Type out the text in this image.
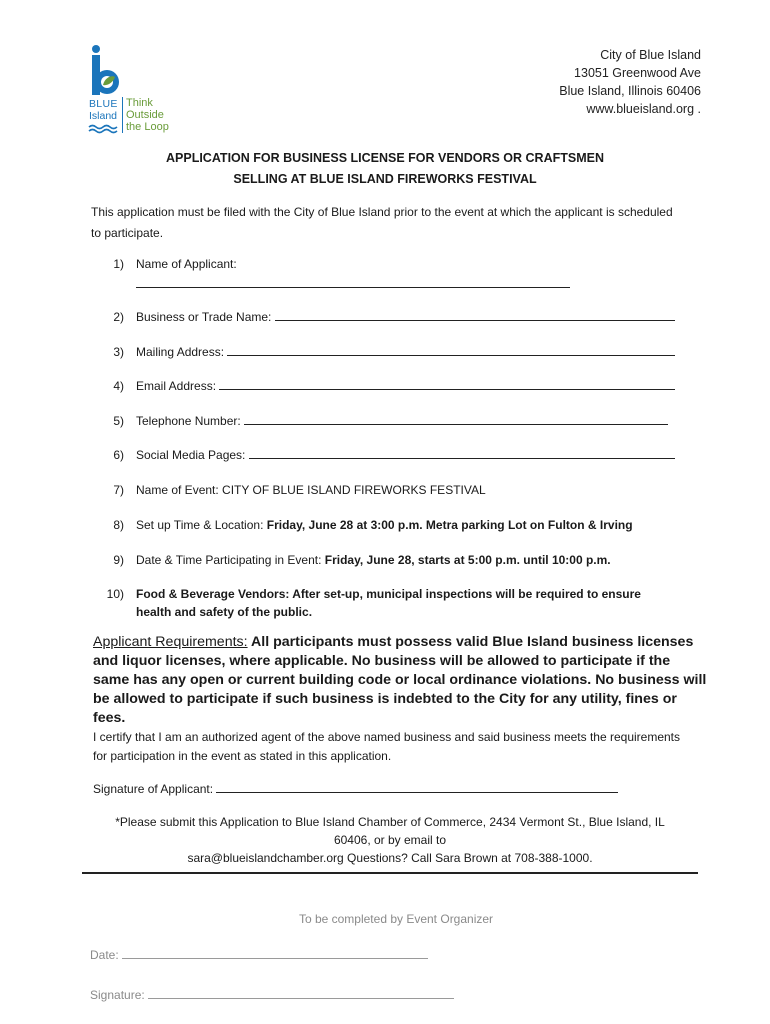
BLUE
Island
Think
Outside
the Loop
City of Blue Island
13051 Greenwood Ave
Blue Island, Illinois 60406
www.blueisland.org .
APPLICATION FOR BUSINESS LICENSE FOR VENDORS OR CRAFTSMEN
SELLING AT BLUE ISLAND FIREWORKS FESTIVAL
This application must be filed with the City of Blue Island prior to the event at which the applicant is scheduled to participate.
1) Name of Applicant:
2) Business or Trade Name:
3) Mailing Address:
4) Email Address:
5) Telephone Number:
6) Social Media Pages:
7) Name of Event: CITY OF BLUE ISLAND FIREWORKS FESTIVAL
8) Set up Time & Location: Friday, June 28 at 3:00 p.m. Metra parking Lot on Fulton & Irving
9) Date & Time Participating in Event: Friday, June 28, starts at 5:00 p.m. until 10:00 p.m.
10) Food & Beverage Vendors: After set-up, municipal inspections will be required to ensure health and safety of the public.
Applicant Requirements: All participants must possess valid Blue Island business licenses and liquor licenses, where applicable. No business will be allowed to participate if the same has any open or current building code or local ordinance violations. No business will be allowed to participate if such business is indebted to the City for any utility, fines or fees.
I certify that I am an authorized agent of the above named business and said business meets the requirements for participation in the event as stated in this application.
Signature of Applicant:
*Please submit this Application to Blue Island Chamber of Commerce, 2434 Vermont St., Blue Island, IL
60406, or by email to
sara@blueislandchamber.org Questions? Call Sara Brown at 708-388-1000.
To be completed by Event Organizer
Date:
Signature:
